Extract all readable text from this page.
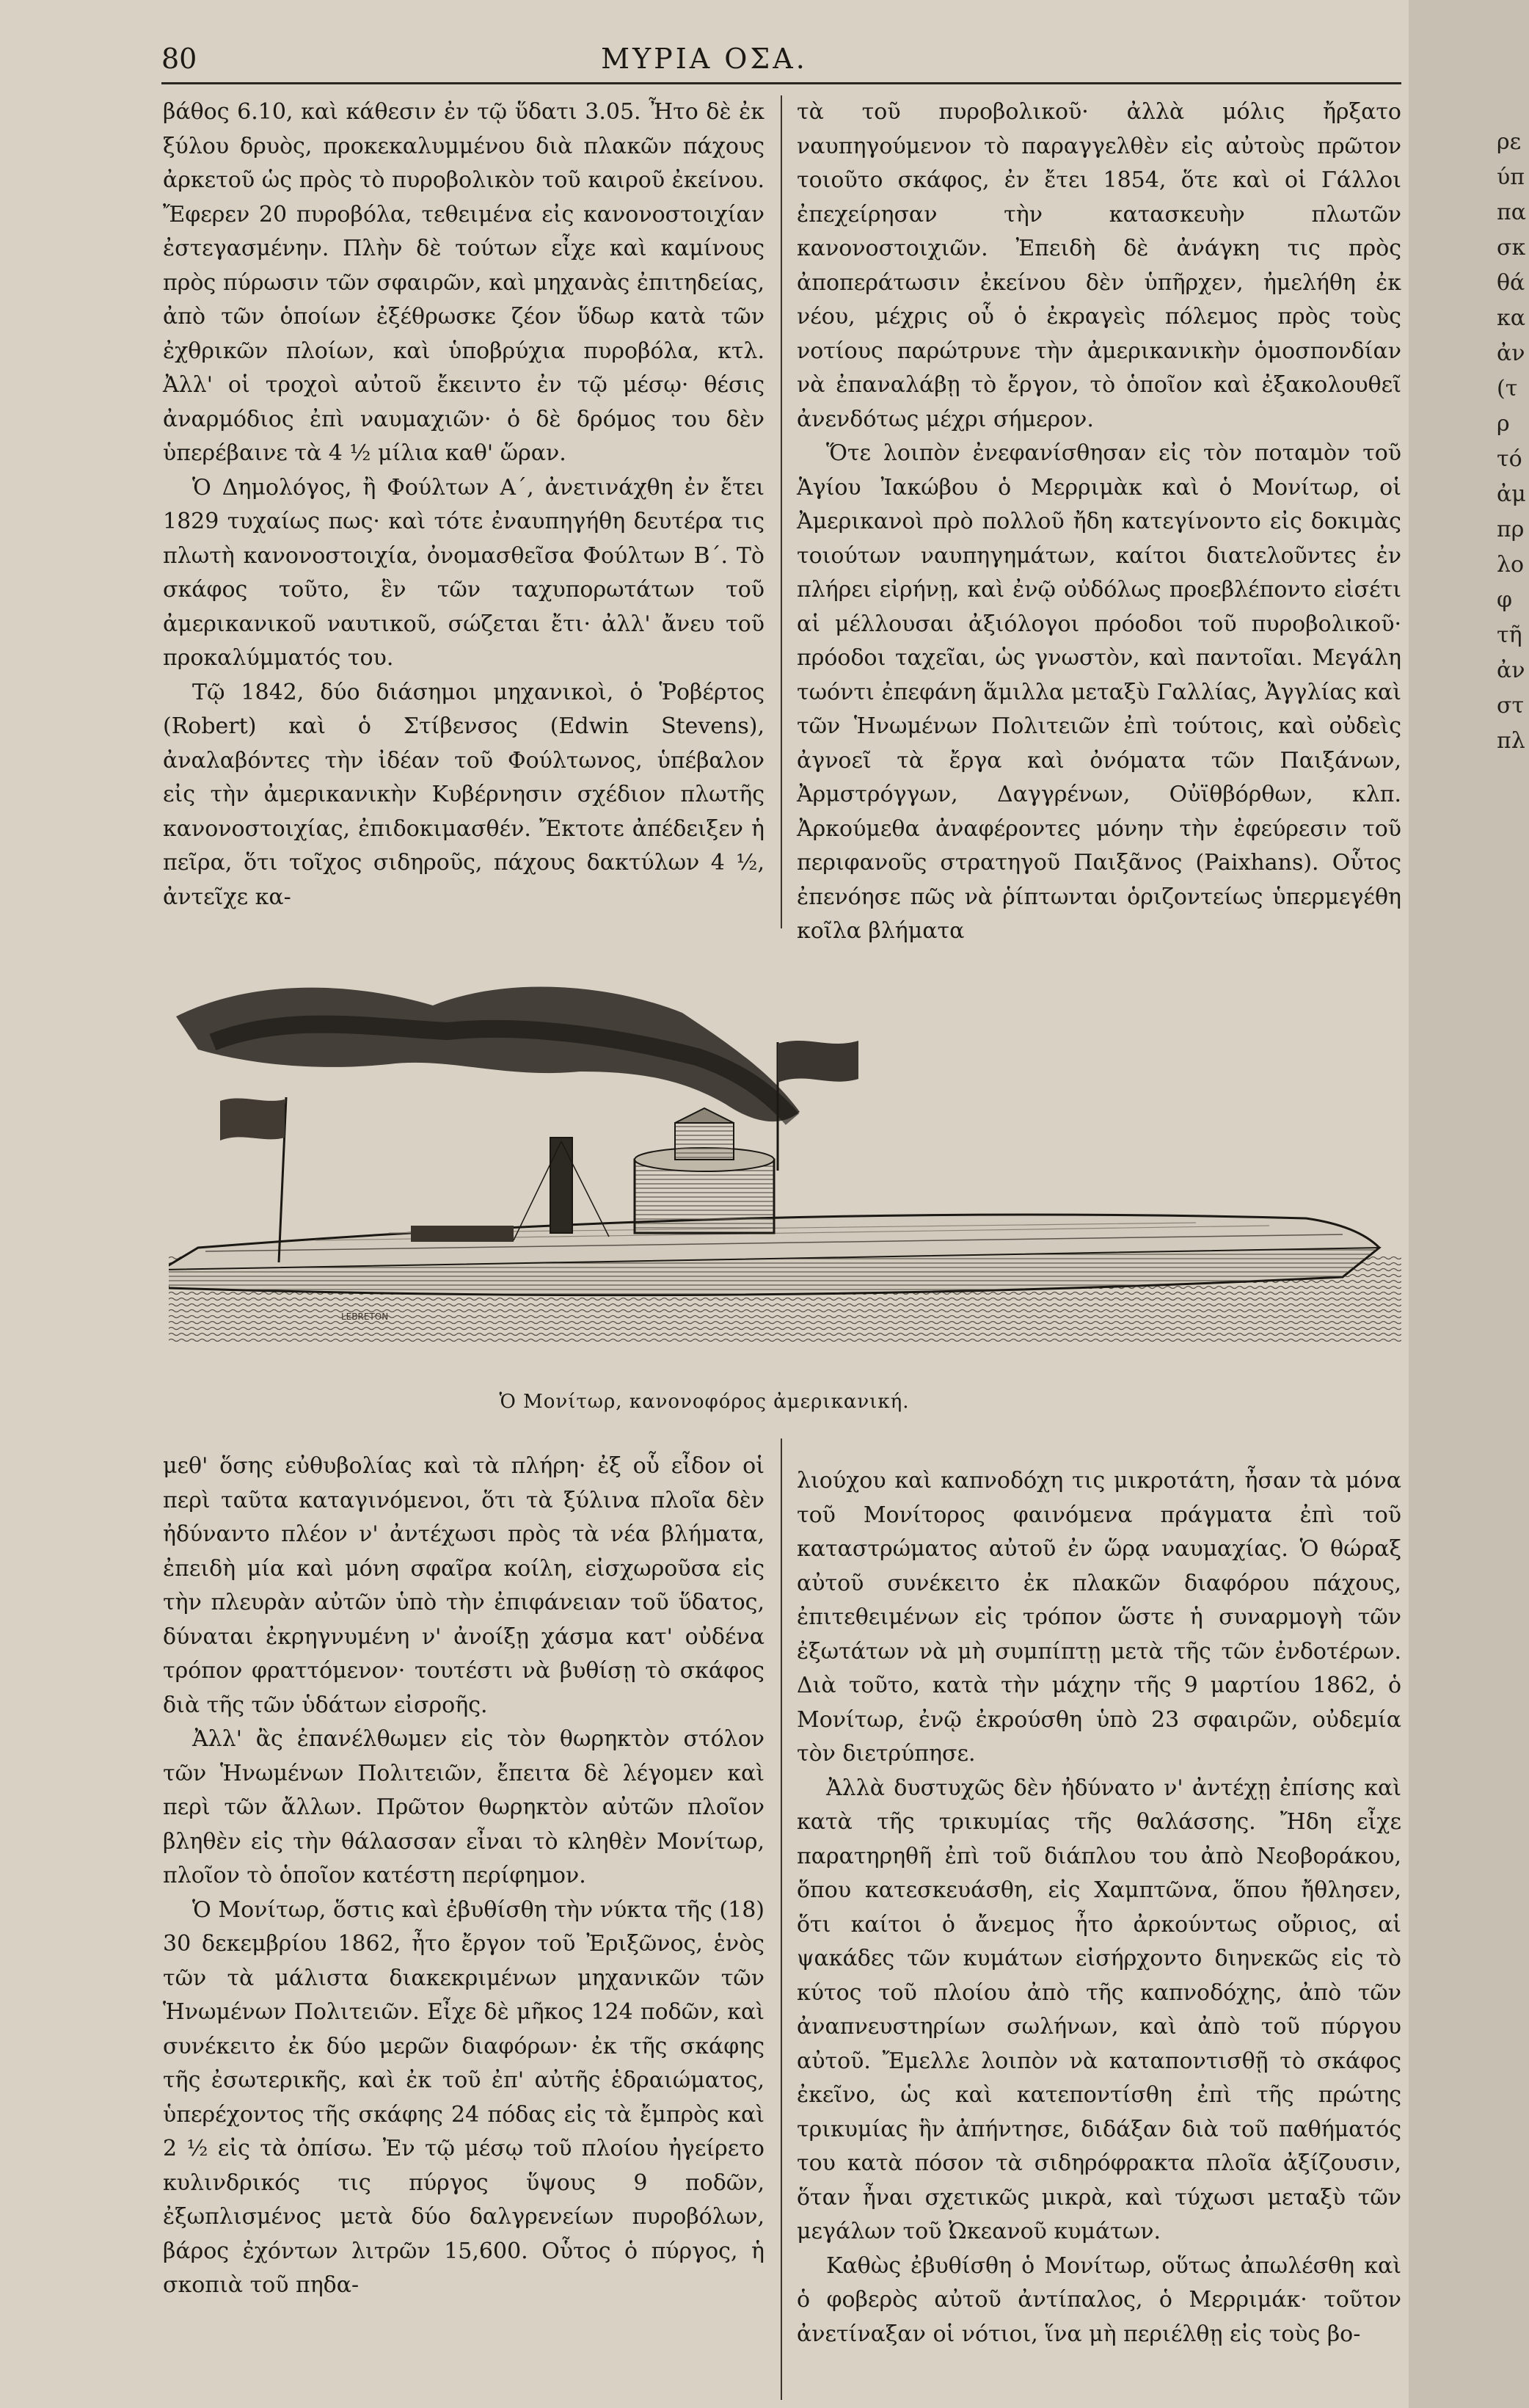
80	ΜΥΡΙΑ ΟΣΑ.

βάθος 6.10, καὶ κάθεσιν ἐν τῷ ὕδατι 3.05. Ἦτο δὲ ἐκ ξύλου δρυὸς, προκεκαλυμμένου διὰ πλακῶν πάχους ἀρκετοῦ ὡς πρὸς τὸ πυροβολικὸν τοῦ καιροῦ ἐκείνου. Ἔφερεν 20 πυροβόλα, τεθειμένα εἰς κανονοστοιχίαν ἐστεγασμένην. Πλὴν δὲ τούτων εἶχε καὶ καμίνους πρὸς πύρωσιν τῶν σφαιρῶν, καὶ μηχανὰς ἐπιτηδείας, ἀπὸ τῶν ὁποίων ἐξέθρωσκε ζέον ὕδωρ κατὰ τῶν ἐχθρικῶν πλοίων, καὶ ὑποβρύχια πυροβόλα, κτλ. Ἀλλ' οἱ τροχοὶ αὐτοῦ ἔκειντο ἐν τῷ μέσῳ· θέσις ἀναρμόδιος ἐπὶ ναυμαχιῶν· ὁ δὲ δρόμος του δὲν ὑπερέβαινε τὰ 4 ½ μίλια καθ' ὥραν.

Ὁ Δημολόγος, ἢ Φούλτων Α΄, ἀνετινάχθη ἐν ἔτει 1829 τυχαίως πως· καὶ τότε ἐναυπηγήθη δευτέρα τις πλωτὴ κανονοστοιχία, ὀνομασθεῖσα Φούλτων Β΄. Τὸ σκάφος τοῦτο, ἓν τῶν ταχυπορωτάτων τοῦ ἀμερικανικοῦ ναυτικοῦ, σώζεται ἔτι· ἀλλ' ἄνευ τοῦ προκαλύμματός του.

Τῷ 1842, δύο διάσημοι μηχανικοὶ, ὁ Ῥοβέρτος (Robert) καὶ ὁ Στίβενσος (Edwin Stevens), ἀναλαβόντες τὴν ἰδέαν τοῦ Φούλτωνος, ὑπέβαλον εἰς τὴν ἀμερικανικὴν Κυβέρνησιν σχέδιον πλωτῆς κανονοστοιχίας, ἐπιδοκιμασθέν. Ἔκτοτε ἀπέδειξεν ἡ πεῖρα, ὅτι τοῖχος σιδηροῦς, πάχους δακτύλων 4 ½, ἀντεῖχε κα-

τὰ τοῦ πυροβολικοῦ· ἀλλὰ μόλις ἤρξατο ναυπηγούμενον τὸ παραγγελθὲν εἰς αὐτοὺς πρῶτον τοιοῦτο σκάφος, ἐν ἔτει 1854, ὅτε καὶ οἱ Γάλλοι ἐπεχείρησαν τὴν κατασκευὴν πλωτῶν κανονοστοιχιῶν. Ἐπειδὴ δὲ ἀνάγκη τις πρὸς ἀποπεράτωσιν ἐκείνου δὲν ὑπῆρχεν, ἠμελήθη ἐκ νέου, μέχρις οὗ ὁ ἐκραγεὶς πόλεμος πρὸς τοὺς νοτίους παρώτρυνε τὴν ἀμερικανικὴν ὁμοσπονδίαν νὰ ἐπαναλάβῃ τὸ ἔργον, τὸ ὁποῖον καὶ ἐξακολουθεῖ ἀνενδότως μέχρι σήμερον.

Ὅτε λοιπὸν ἐνεφανίσθησαν εἰς τὸν ποταμὸν τοῦ Ἁγίου Ἰακώβου ὁ Μερριμὰκ καὶ ὁ Μονίτωρ, οἱ Ἀμερικανοὶ πρὸ πολλοῦ ἤδη κατεγίνοντο εἰς δοκιμὰς τοιούτων ναυπηγημάτων, καίτοι διατελοῦντες ἐν πλήρει εἰρήνῃ, καὶ ἐνῷ οὐδόλως προεβλέποντο εἰσέτι αἱ μέλλουσαι ἀξιόλογοι πρόοδοι τοῦ πυροβολικοῦ· πρόοδοι ταχεῖαι, ὡς γνωστὸν, καὶ παντοῖαι. Μεγάλη τωόντι ἐπεφάνη ἅμιλλα μεταξὺ Γαλλίας, Ἀγγλίας καὶ τῶν Ἡνωμένων Πολιτειῶν ἐπὶ τούτοις, καὶ οὐδεὶς ἀγνοεῖ τὰ ἔργα καὶ ὀνόματα τῶν Παιξάνων, Ἀρμστρόγγων, Δαγγρένων, Οὐϊθβόρθων, κλπ. Ἀρκούμεθα ἀναφέροντες μόνην τὴν ἐφεύρεσιν τοῦ περιφανοῦς στρατηγοῦ Παιξᾶνος (Paixhans). Οὗτος ἐπενόησε πῶς νὰ ῥίπτωνται ὁριζοντείως ὑπερμεγέθη κοῖλα βλήματα

LEBRETON
Ὁ Μονίτωρ, κανονοφόρος ἀμερικανική.

μεθ' ὅσης εὐθυβολίας καὶ τὰ πλήρη· ἐξ οὗ εἶδον οἱ περὶ ταῦτα καταγινόμενοι, ὅτι τὰ ξύλινα πλοῖα δὲν ἠδύναντο πλέον ν' ἀντέχωσι πρὸς τὰ νέα βλήματα, ἐπειδὴ μία καὶ μόνη σφαῖρα κοίλη, εἰσχωροῦσα εἰς τὴν πλευρὰν αὐτῶν ὑπὸ τὴν ἐπιφάνειαν τοῦ ὕδατος, δύναται ἐκρηγνυμένη ν' ἀνοίξῃ χάσμα κατ' οὐδένα τρόπον φραττόμενον· τουτέστι νὰ βυθίσῃ τὸ σκάφος διὰ τῆς τῶν ὑδάτων εἰσροῆς.

Ἀλλ' ἂς ἐπανέλθωμεν εἰς τὸν θωρηκτὸν στόλον τῶν Ἡνωμένων Πολιτειῶν, ἔπειτα δὲ λέγομεν καὶ περὶ τῶν ἄλλων. Πρῶτον θωρηκτὸν αὐτῶν πλοῖον βληθὲν εἰς τὴν θάλασσαν εἶναι τὸ κληθὲν Μονίτωρ, πλοῖον τὸ ὁποῖον κατέστη περίφημον.

Ὁ Μονίτωρ, ὅστις καὶ ἐβυθίσθη τὴν νύκτα τῆς (18) 30 δεκεμβρίου 1862, ἦτο ἔργον τοῦ Ἐριξῶνος, ἑνὸς τῶν τὰ μάλιστα διακεκριμένων μηχανικῶν τῶν Ἡνωμένων Πολιτειῶν. Εἶχε δὲ μῆκος 124 ποδῶν, καὶ συνέκειτο ἐκ δύο μερῶν διαφόρων· ἐκ τῆς σκάφης τῆς ἐσωτερικῆς, καὶ ἐκ τοῦ ἐπ' αὐτῆς ἑδραιώματος, ὑπερέχοντος τῆς σκάφης 24 πόδας εἰς τὰ ἔμπρὸς καὶ 2 ½ εἰς τὰ ὀπίσω. Ἐν τῷ μέσῳ τοῦ πλοίου ἠγείρετο κυλινδρικός τις πύργος ὕψους 9 ποδῶν, ἐξωπλισμένος μετὰ δύο δαλγρενείων πυροβόλων, βάρος ἐχόντων λιτρῶν 15,600. Οὗτος ὁ πύργος, ἡ σκοπιὰ τοῦ πηδα-

λιούχου καὶ καπνοδόχη τις μικροτάτη, ἦσαν τὰ μόνα τοῦ Μονίτορος φαινόμενα πράγματα ἐπὶ τοῦ καταστρώματος αὐτοῦ ἐν ὥρᾳ ναυμαχίας. Ὁ θώραξ αὐτοῦ συνέκειτο ἐκ πλακῶν διαφόρου πάχους, ἐπιτεθειμένων εἰς τρόπον ὥστε ἡ συναρμογὴ τῶν ἐξωτάτων νὰ μὴ συμπίπτῃ μετὰ τῆς τῶν ἐνδοτέρων. Διὰ τοῦτο, κατὰ τὴν μάχην τῆς 9 μαρτίου 1862, ὁ Μονίτωρ, ἐνῷ ἐκρούσθη ὑπὸ 23 σφαιρῶν, οὐδεμία τὸν διετρύπησε.

Ἀλλὰ δυστυχῶς δὲν ἠδύνατο ν' ἀντέχῃ ἐπίσης καὶ κατὰ τῆς τρικυμίας τῆς θαλάσσης. Ἤδη εἶχε παρατηρηθῆ ἐπὶ τοῦ διάπλου του ἀπὸ Νεοβοράκου, ὅπου κατεσκευάσθη, εἰς Χαμπτῶνα, ὅπου ἤθλησεν, ὅτι καίτοι ὁ ἄνεμος ἦτο ἀρκούντως οὔριος, αἱ ψακάδες τῶν κυμάτων εἰσήρχοντο διηνεκῶς εἰς τὸ κύτος τοῦ πλοίου ἀπὸ τῆς καπνοδόχης, ἀπὸ τῶν ἀναπνευστηρίων σωλήνων, καὶ ἀπὸ τοῦ πύργου αὐτοῦ. Ἔμελλε λοιπὸν νὰ καταποντισθῇ τὸ σκάφος ἐκεῖνο, ὡς καὶ κατεποντίσθη ἐπὶ τῆς πρώτης τρικυμίας ἣν ἀπήντησε, διδάξαν διὰ τοῦ παθήματός του κατὰ πόσον τὰ σιδηρόφρακτα πλοῖα ἀξίζουσιν, ὅταν ἦναι σχετικῶς μικρὰ, καὶ τύχωσι μεταξὺ τῶν μεγάλων τοῦ Ὠκεανοῦ κυμάτων.

Καθὼς ἐβυθίσθη ὁ Μονίτωρ, οὕτως ἀπωλέσθη καὶ ὁ φοβερὸς αὐτοῦ ἀντίπαλος, ὁ Μερριμάκ· τοῦτον ἀνετίναξαν οἱ νότιοι, ἵνα μὴ περιέλθῃ εἰς τοὺς βο-

ρε
ύπ
πα
σκ
θά
κα
ἀν
(τ
ρ
τό
ἀμ
πρ
λο
φ
τῆ
ἀν
στ
πλ
